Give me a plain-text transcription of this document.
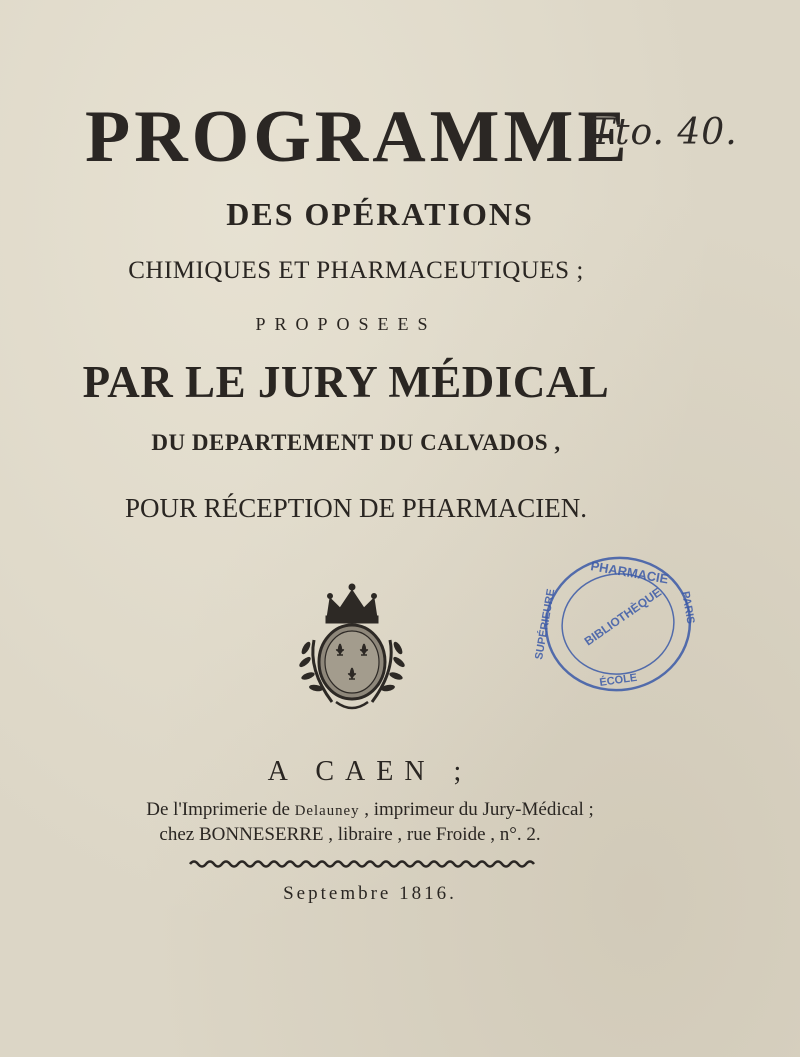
PROGRAMME
Tto. 40.
DES OPÉRATIONS
CHIMIQUES ET PHARMACEUTIQUES ;
PROPOSEES
PAR LE JURY MÉDICAL
DU DEPARTEMENT DU CALVADOS ,
POUR RÉCEPTION DE PHARMACIEN.
PHARMACIE
SUPÉRIEURE	PARIS
BIBLIOTHÈQUE
ÉCOLE
A CAEN ;
De l'Imprimerie de Delauney , imprimeur du Jury-Médical ;
chez BONNESERRE , libraire , rue Froide , n°. 2.
Septembre 1816.
